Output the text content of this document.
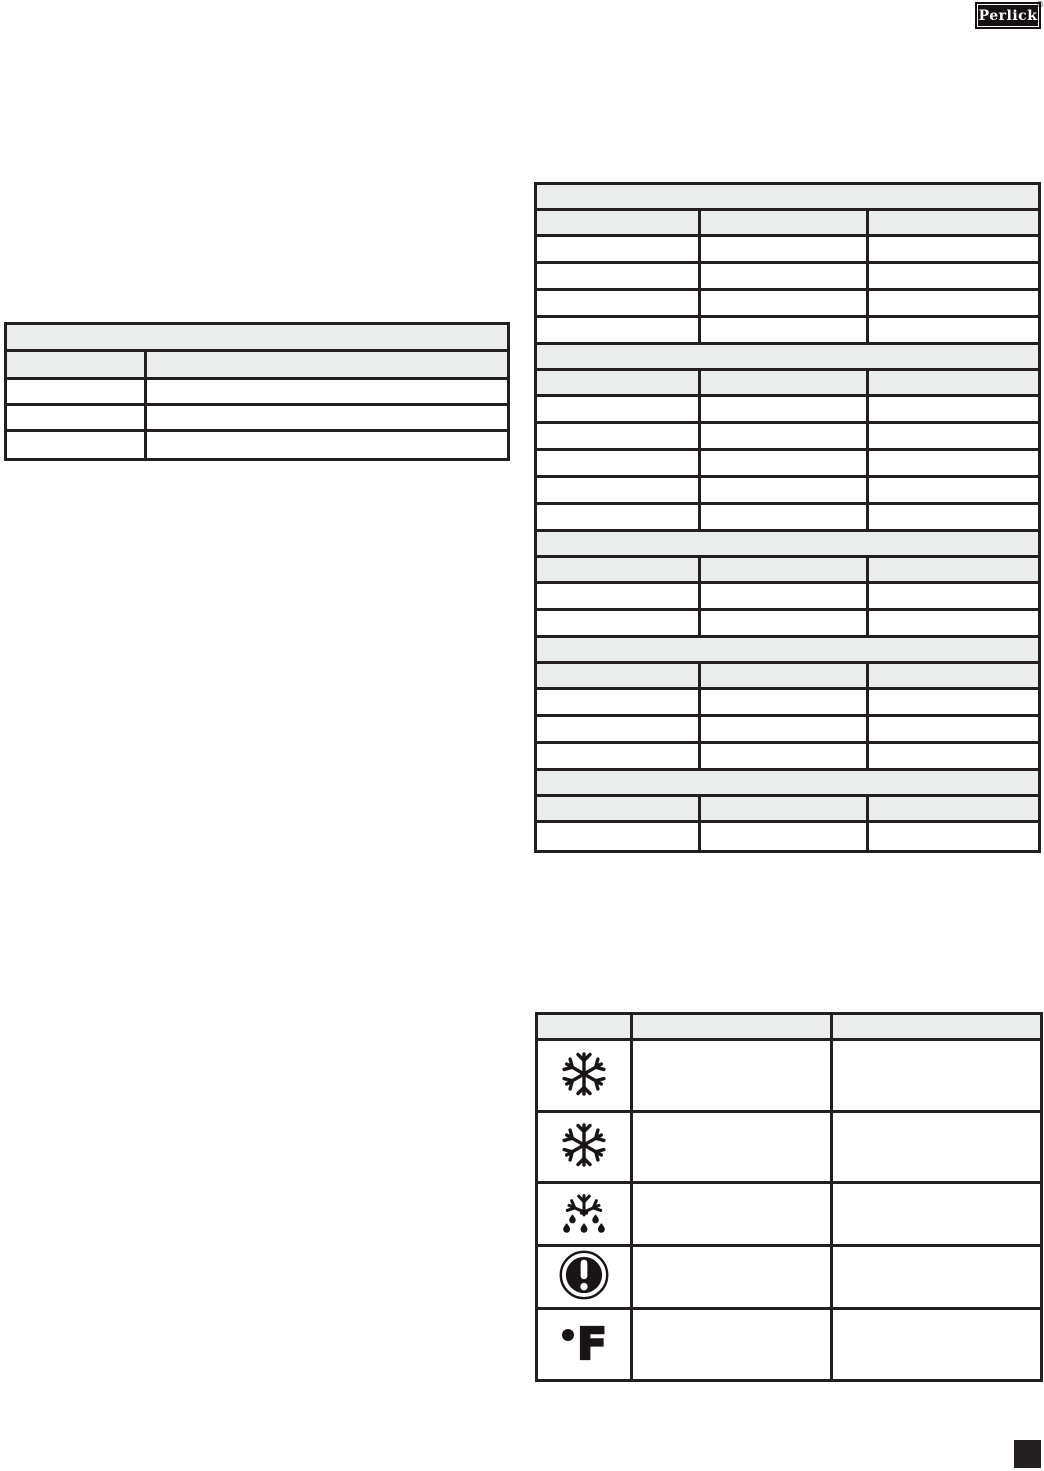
Perlick
®
F
